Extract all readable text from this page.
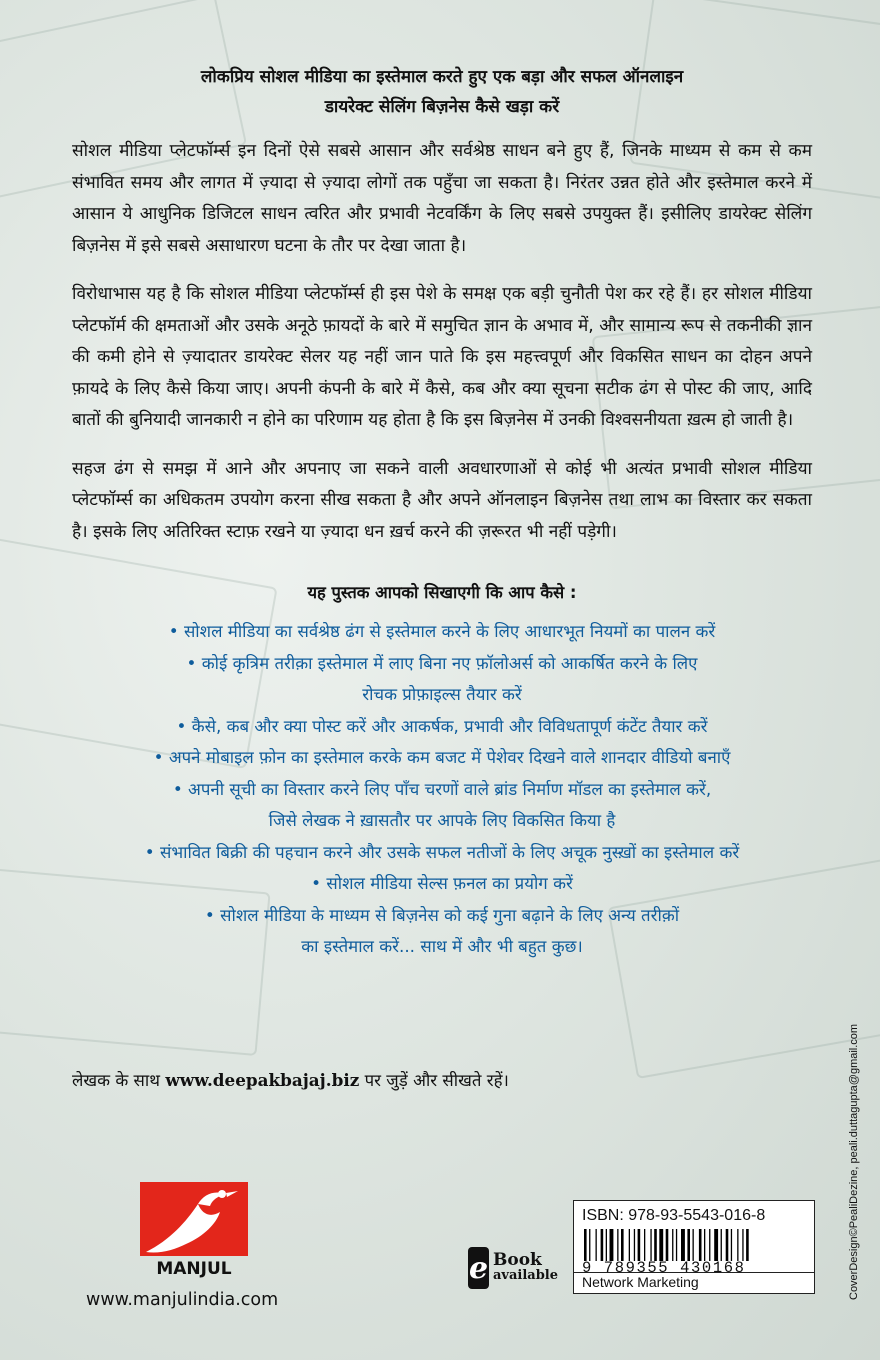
लोकप्रिय सोशल मीडिया का इस्तेमाल करते हुए एक बड़ा और सफल ऑनलाइन
डायरेक्ट सेलिंग बिज़नेस कैसे खड़ा करें

सोशल मीडिया प्लेटफॉर्म्स इन दिनों ऐसे सबसे आसान और सर्वश्रेष्ठ साधन बने हुए हैं, जिनके माध्यम से कम से कम संभावित समय और लागत में ज़्यादा से ज़्यादा लोगों तक पहुँचा जा सकता है। निरंतर उन्नत होते और इस्तेमाल करने में आसान ये आधुनिक डिजिटल साधन त्वरित और प्रभावी नेटवर्किंग के लिए सबसे उपयुक्त हैं। इसीलिए डायरेक्ट सेलिंग बिज़नेस में इसे सबसे असाधारण घटना के तौर पर देखा जाता है।

विरोधाभास यह है कि सोशल मीडिया प्लेटफॉर्म्स ही इस पेशे के समक्ष एक बड़ी चुनौती पेश कर रहे हैं। हर सोशल मीडिया प्लेटफॉर्म की क्षमताओं और उसके अनूठे फ़ायदों के बारे में समुचित ज्ञान के अभाव में, और सामान्य रूप से तकनीकी ज्ञान की कमी होने से ज़्यादातर डायरेक्ट सेलर यह नहीं जान पाते कि इस महत्त्वपूर्ण और विकसित साधन का दोहन अपने फ़ायदे के लिए कैसे किया जाए। अपनी कंपनी के बारे में कैसे, कब और क्या सूचना सटीक ढंग से पोस्ट की जाए, आदि बातों की बुनियादी जानकारी न होने का परिणाम यह होता है कि इस बिज़नेस में उनकी विश्वसनीयता ख़त्म हो जाती है।

सहज ढंग से समझ में आने और अपनाए जा सकने वाली अवधारणाओं से कोई भी अत्यंत प्रभावी सोशल मीडिया प्लेटफॉर्म्स का अधिकतम उपयोग करना सीख सकता है और अपने ऑनलाइन बिज़नेस तथा लाभ का विस्तार कर सकता है। इसके लिए अतिरिक्त स्टाफ़ रखने या ज़्यादा धन ख़र्च करने की ज़रूरत भी नहीं पड़ेगी।

यह पुस्तक आपको सिखाएगी कि आप कैसे :
• सोशल मीडिया का सर्वश्रेष्ठ ढंग से इस्तेमाल करने के लिए आधारभूत नियमों का पालन करें
• कोई कृत्रिम तरीक़ा इस्तेमाल में लाए बिना नए फ़ॉलोअर्स को आकर्षित करने के लिए
रोचक प्रोफ़ाइल्स तैयार करें
• कैसे, कब और क्या पोस्ट करें और आकर्षक, प्रभावी और विविधतापूर्ण कंटेंट तैयार करें
• अपने मोबाइल फ़ोन का इस्तेमाल करके कम बजट में पेशेवर दिखने वाले शानदार वीडियो बनाएँ
• अपनी सूची का विस्तार करने लिए पाँच चरणों वाले ब्रांड निर्माण मॉडल का इस्तेमाल करें,
जिसे लेखक ने ख़ासतौर पर आपके लिए विकसित किया है
• संभावित बिक्री की पहचान करने और उसके सफल नतीजों के लिए अचूक नुस्ख़ों का इस्तेमाल करें
• सोशल मीडिया सेल्स फ़नल का प्रयोग करें
• सोशल मीडिया के माध्यम से बिज़नेस को कई गुना बढ़ाने के लिए अन्य तरीक़ों
का इस्तेमाल करें... साथ में और भी बहुत कुछ।
लेखक के साथ www.deepakbajaj.biz पर जुड़ें और सीखते रहें।
MANJUL
www.manjulindia.com
e Book
available
ISBN: 978-93-5543-016-8
9 789355 430168
Network Marketing	CoverDesign©PealiDezine, peali.duttagupta@gmail.com
